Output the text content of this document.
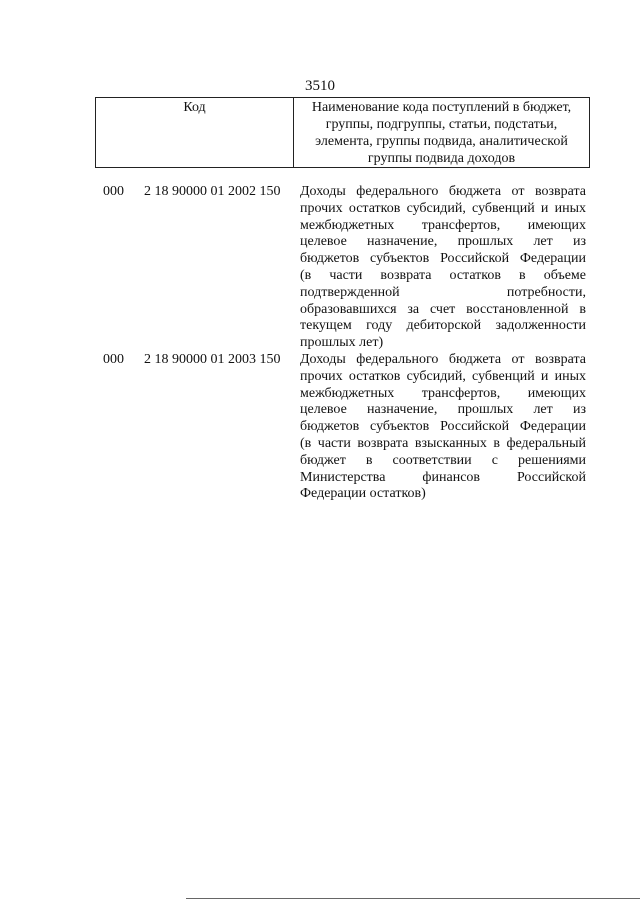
3510
Код	Наименование кода поступлений в бюджет,
группы, подгруппы, статьи, подстатьи,
элемента, группы подвида, аналитической
группы подвида доходов
000 2 18 90000 01 2002 150 Доходы федерального бюджета от возврата
прочих остатков субсидий, субвенций и иных
межбюджетных трансфертов, имеющих
целевое назначение, прошлых лет из
бюджетов субъектов Российской Федерации
(в части возврата остатков в объеме
подтвержденной потребности,
образовавшихся за счет восстановленной в
текущем году дебиторской задолженности
прошлых лет)
000 2 18 90000 01 2003 150 Доходы федерального бюджета от возврата
прочих остатков субсидий, субвенций и иных
межбюджетных трансфертов, имеющих
целевое назначение, прошлых лет из
бюджетов субъектов Российской Федерации
(в части возврата взысканных в федеральный
бюджет в соответствии с решениями
Министерства финансов Российской
Федерации остатков)
